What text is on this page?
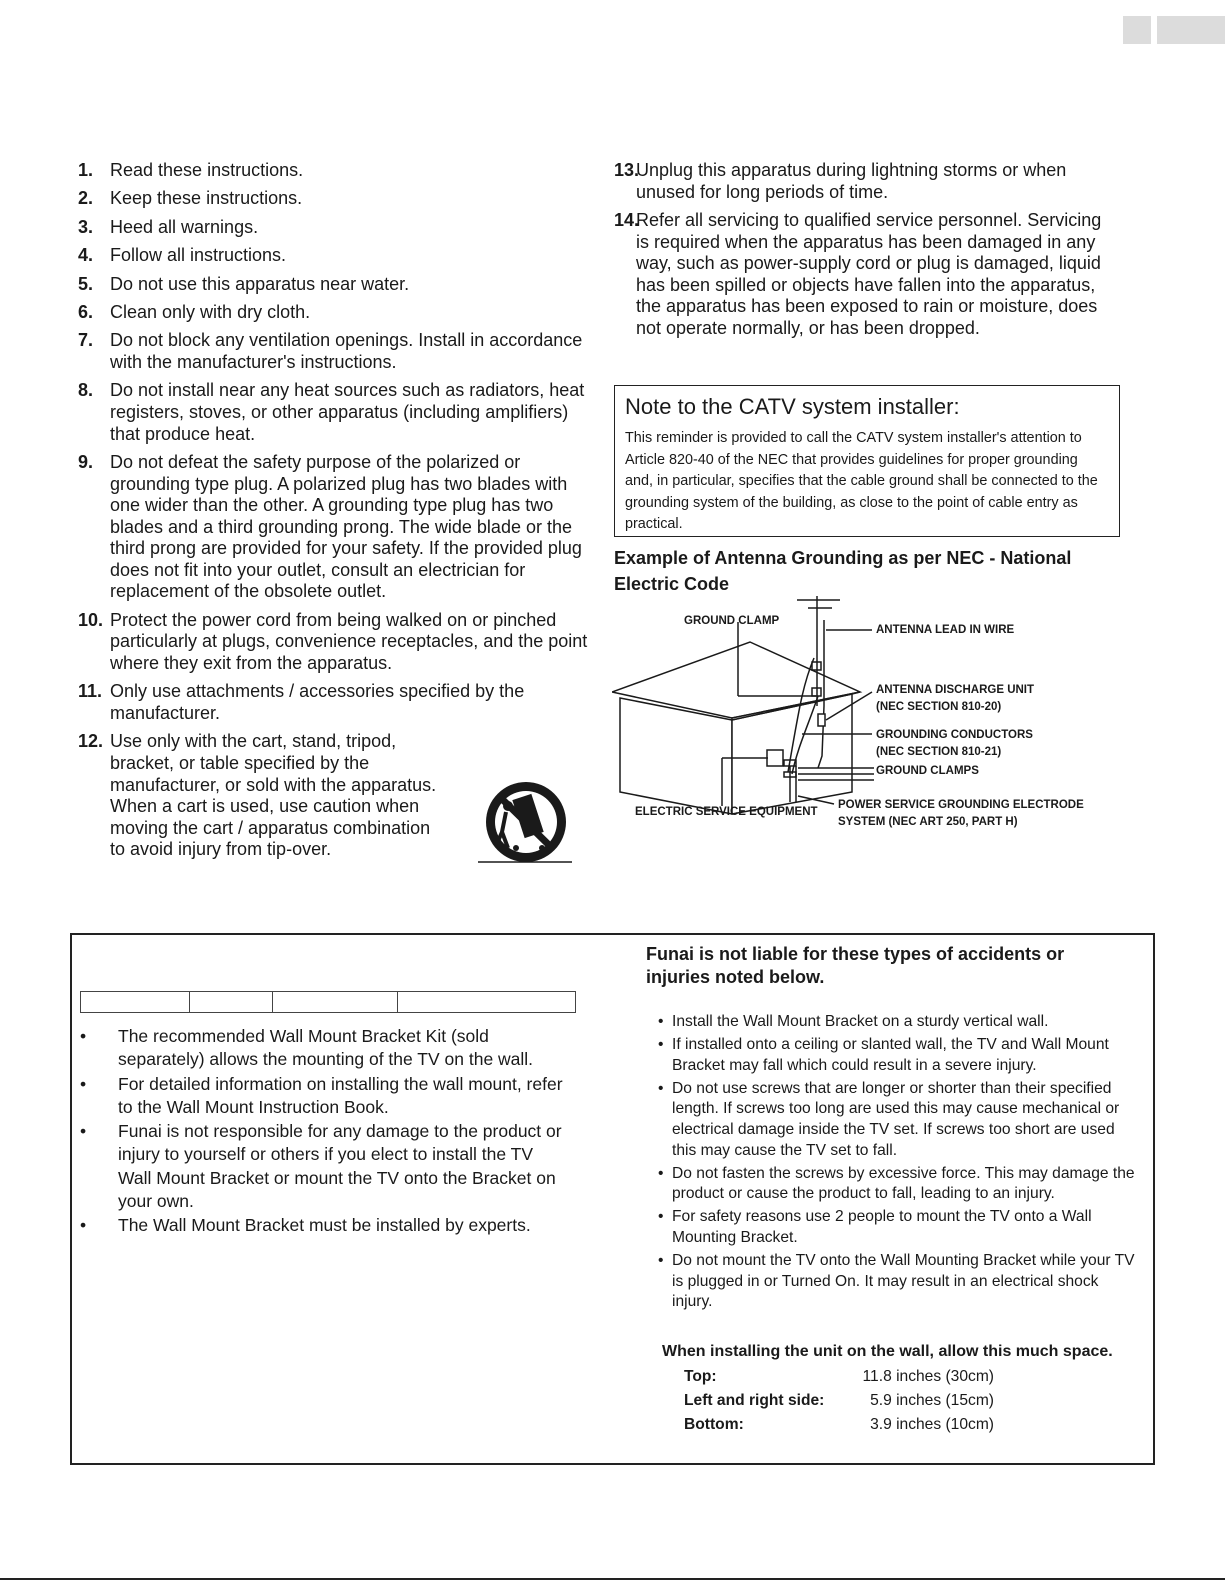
1. Read these instructions.
2. Keep these instructions.
3. Heed all warnings.
4. Follow all instructions.
5. Do not use this apparatus near water.
6. Clean only with dry cloth.
7. Do not block any ventilation openings. Install in accordance with the manufacturer's instructions.
8. Do not install near any heat sources such as radiators, heat registers, stoves, or other apparatus (including amplifiers) that produce heat.
9. Do not defeat the safety purpose of the polarized or grounding type plug. A polarized plug has two blades with one wider than the other. A grounding type plug has two blades and a third grounding prong. The wide blade or the third prong are provided for your safety. If the provided plug does not fit into your outlet, consult an electrician for replacement of the obsolete outlet.
10. Protect the power cord from being walked on or pinched particularly at plugs, convenience receptacles, and the point where they exit from the apparatus.
11. Only use attachments / accessories specified by the manufacturer.
12. Use only with the cart, stand, tripod, bracket, or table specified by the manufacturer, or sold with the apparatus. When a cart is used, use caution when moving the cart / apparatus combination to avoid injury from tip-over.
13.
Unplug this apparatus during lightning storms or when unused for long periods of time.
14.
Refer all servicing to qualified service personnel. Servicing is required when the apparatus has been damaged in any way, such as power-supply cord or plug is damaged, liquid has been spilled or objects have fallen into the apparatus, the apparatus has been exposed to rain or moisture, does not operate normally, or has been dropped.
Note to the CATV system installer:
This reminder is provided to call the CATV system installer's attention to Article 820-40 of the NEC that provides guidelines for proper grounding and, in particular, specifies that the cable ground shall be connected to the grounding system of the building, as close to the point of cable entry as practical.
Example of Antenna Grounding as per NEC - National Electric Code
GROUND CLAMP
ANTENNA LEAD IN WIRE
ANTENNA DISCHARGE UNIT
(NEC SECTION 810-20)
GROUNDING CONDUCTORS
(NEC SECTION 810-21)
GROUND CLAMPS
ELECTRIC SERVICE EQUIPMENT
POWER SERVICE GROUNDING ELECTRODE
SYSTEM (NEC ART 250, PART H)

•	The recommended Wall Mount Bracket Kit (sold separately) allows the mounting of the TV on the wall.
•	For detailed information on installing the wall mount, refer to the Wall Mount Instruction Book.
•	Funai is not responsible for any damage to the product or injury to yourself or others if you elect to install the TV Wall Mount Bracket or mount the TV onto the Bracket on your own.
•	The Wall Mount Bracket must be installed by experts.
Funai is not liable for these types of accidents or injuries noted below.
• Install the Wall Mount Bracket on a sturdy vertical wall.
• If installed onto a ceiling or slanted wall, the TV and Wall Mount Bracket may fall which could result in a severe injury.
• Do not use screws that are longer or shorter than their specified length. If screws too long are used this may cause mechanical or electrical damage inside the TV set. If screws too short are used this may cause the TV set to fall.
• Do not fasten the screws by excessive force. This may damage the product or cause the product to fall, leading to an injury.
• For safety reasons use 2 people to mount the TV onto a Wall Mounting Bracket.
• Do not mount the TV onto the Wall Mounting Bracket while your TV is plugged in or Turned On. It may result in an electrical shock injury.
When installing the unit on the wall, allow this much space.
Top:	11.8 inches (30cm)
Left and right side:	5.9 inches (15cm)
Bottom:	3.9 inches (10cm)
